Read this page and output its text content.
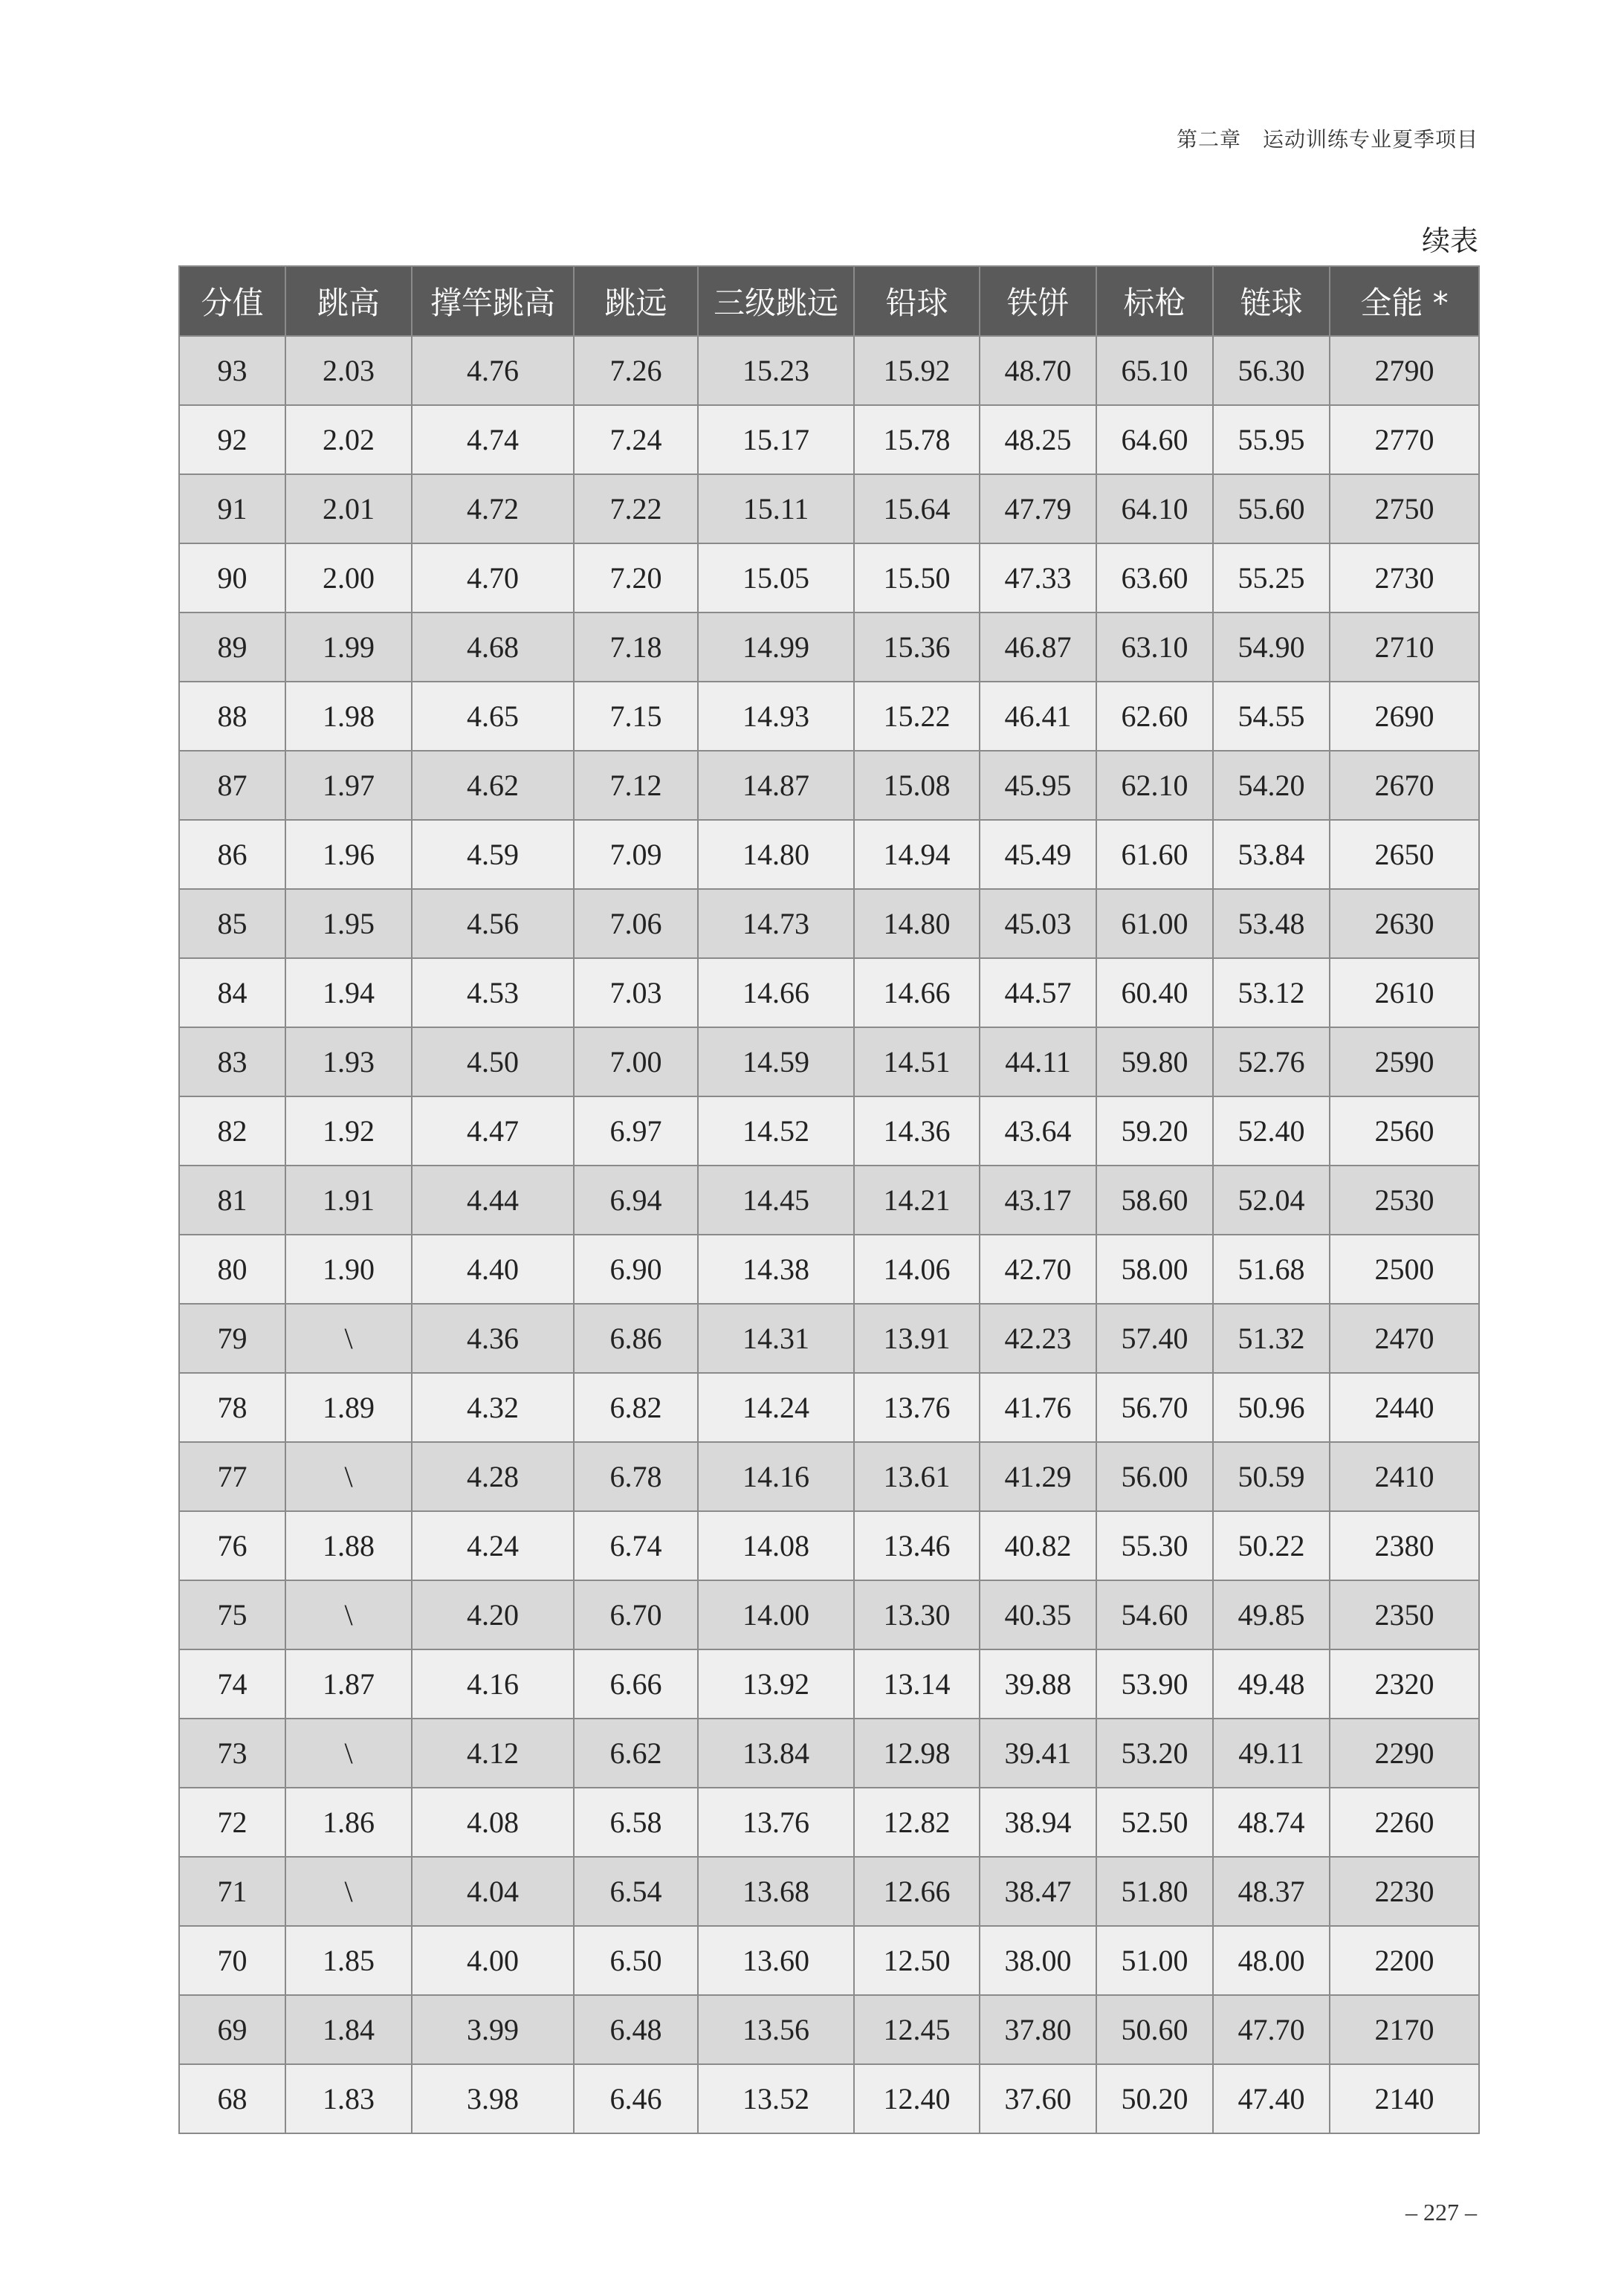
第二章　运动训练专业夏季项目
续表
分值	跳高	撑竿跳高	跳远	三级跳远	铅球	铁饼	标枪	链球	全能 *
93	2.03	4.76	7.26	15.23	15.92	48.70	65.10	56.30	2790
92	2.02	4.74	7.24	15.17	15.78	48.25	64.60	55.95	2770
91	2.01	4.72	7.22	15.11	15.64	47.79	64.10	55.60	2750
90	2.00	4.70	7.20	15.05	15.50	47.33	63.60	55.25	2730
89	1.99	4.68	7.18	14.99	15.36	46.87	63.10	54.90	2710
88	1.98	4.65	7.15	14.93	15.22	46.41	62.60	54.55	2690
87	1.97	4.62	7.12	14.87	15.08	45.95	62.10	54.20	2670
86	1.96	4.59	7.09	14.80	14.94	45.49	61.60	53.84	2650
85	1.95	4.56	7.06	14.73	14.80	45.03	61.00	53.48	2630
84	1.94	4.53	7.03	14.66	14.66	44.57	60.40	53.12	2610
83	1.93	4.50	7.00	14.59	14.51	44.11	59.80	52.76	2590
82	1.92	4.47	6.97	14.52	14.36	43.64	59.20	52.40	2560
81	1.91	4.44	6.94	14.45	14.21	43.17	58.60	52.04	2530
80	1.90	4.40	6.90	14.38	14.06	42.70	58.00	51.68	2500
79	\	4.36	6.86	14.31	13.91	42.23	57.40	51.32	2470
78	1.89	4.32	6.82	14.24	13.76	41.76	56.70	50.96	2440
77	\	4.28	6.78	14.16	13.61	41.29	56.00	50.59	2410
76	1.88	4.24	6.74	14.08	13.46	40.82	55.30	50.22	2380
75	\	4.20	6.70	14.00	13.30	40.35	54.60	49.85	2350
74	1.87	4.16	6.66	13.92	13.14	39.88	53.90	49.48	2320
73	\	4.12	6.62	13.84	12.98	39.41	53.20	49.11	2290
72	1.86	4.08	6.58	13.76	12.82	38.94	52.50	48.74	2260
71	\	4.04	6.54	13.68	12.66	38.47	51.80	48.37	2230
70	1.85	4.00	6.50	13.60	12.50	38.00	51.00	48.00	2200
69	1.84	3.99	6.48	13.56	12.45	37.80	50.60	47.70	2170
68	1.83	3.98	6.46	13.52	12.40	37.60	50.20	47.40	2140
– 227 –
